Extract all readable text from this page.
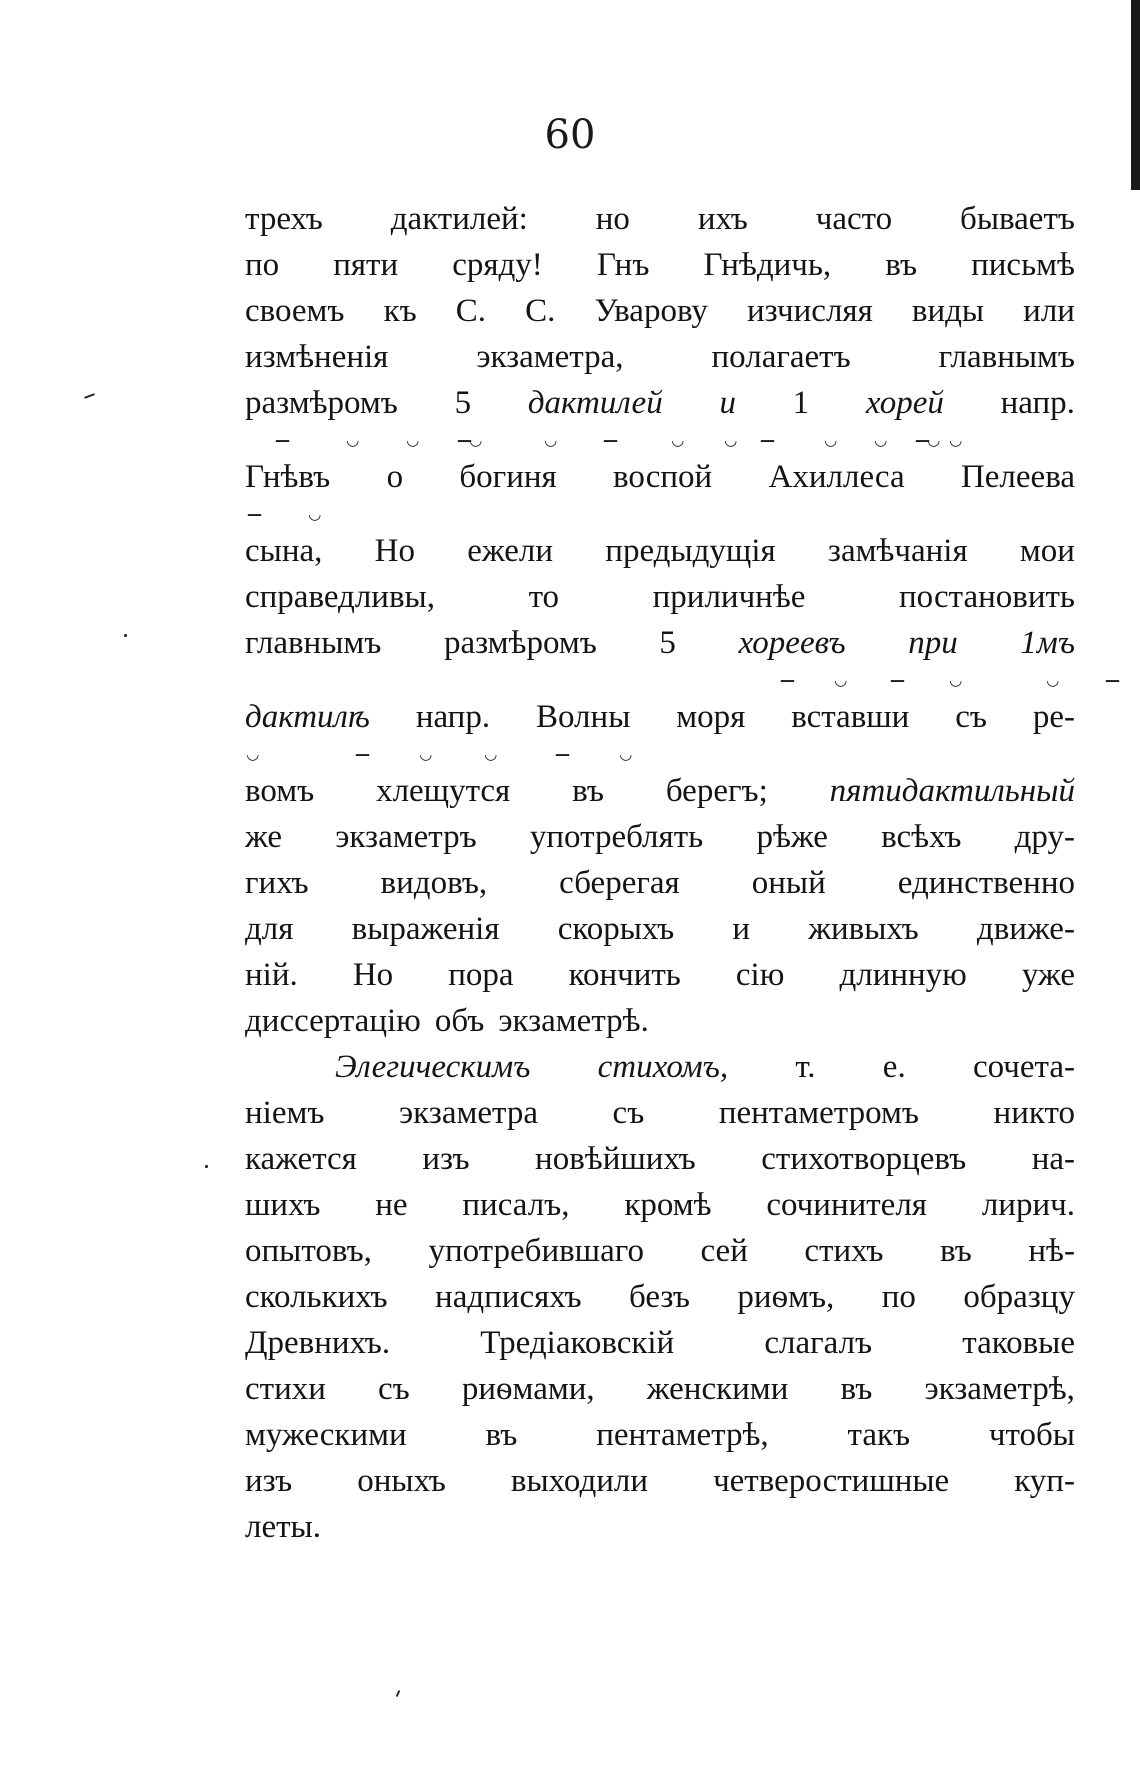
60
трехъ дактилей: но ихъ часто бываетъ
по пяти сряду! Гнъ Гнѣдичь, въ письмѣ
своемъ къ С. С. Уварову изчисляя виды или
измѣненія	экзаметра,	полагаетъ	главнымъ
размѣромъ 5 дактилей и 1 хорей напр.
—	◡	◡	—◡	◡	—	◡	◡ —	◡	◡ —◡ ◡
Гнѣвъ о богиня воспой Ахиллеса Пелеева
—	◡
сына, Но ежели предыдущія замѣчанія мои
справедливы,	то	приличнѣе	постановить
главнымъ размѣромъ 5 хореевъ при 1мъ
—	◡	—	◡	◡	—
дактилѣ напр. Волны моря вставши съ ре-
◡	—	◡	◡	—	◡
вомъ хлещутся въ берегъ; пятидактильный
же экзаметръ употреблять рѣже всѣхъ дру-
гихъ видовъ, сберегая оный единственно
для выраженія скорыхъ и живыхъ движе-
ній. Но пора кончить сію длинную уже
диссертацію объ экзаметрѣ.
Элегическимъ стихомъ, т. е. сочета-
ніемъ экзаметра съ пентаметромъ никто
кажется изъ новѣйшихъ стихотворцевъ на-
шихъ не писалъ, кромѣ сочинителя лирич.
опытовъ, употребившаго сей стихъ въ нѣ-
сколькихъ надписяхъ безъ риѳмъ, по образцу
Древнихъ.	Тредіаковскій	слагалъ	таковые
стихи съ риѳмами, женскими въ экзаметрѣ,
мужескими въ пентаметрѣ, такъ чтобы
изъ оныхъ выходили четверостишные куп-
леты.
